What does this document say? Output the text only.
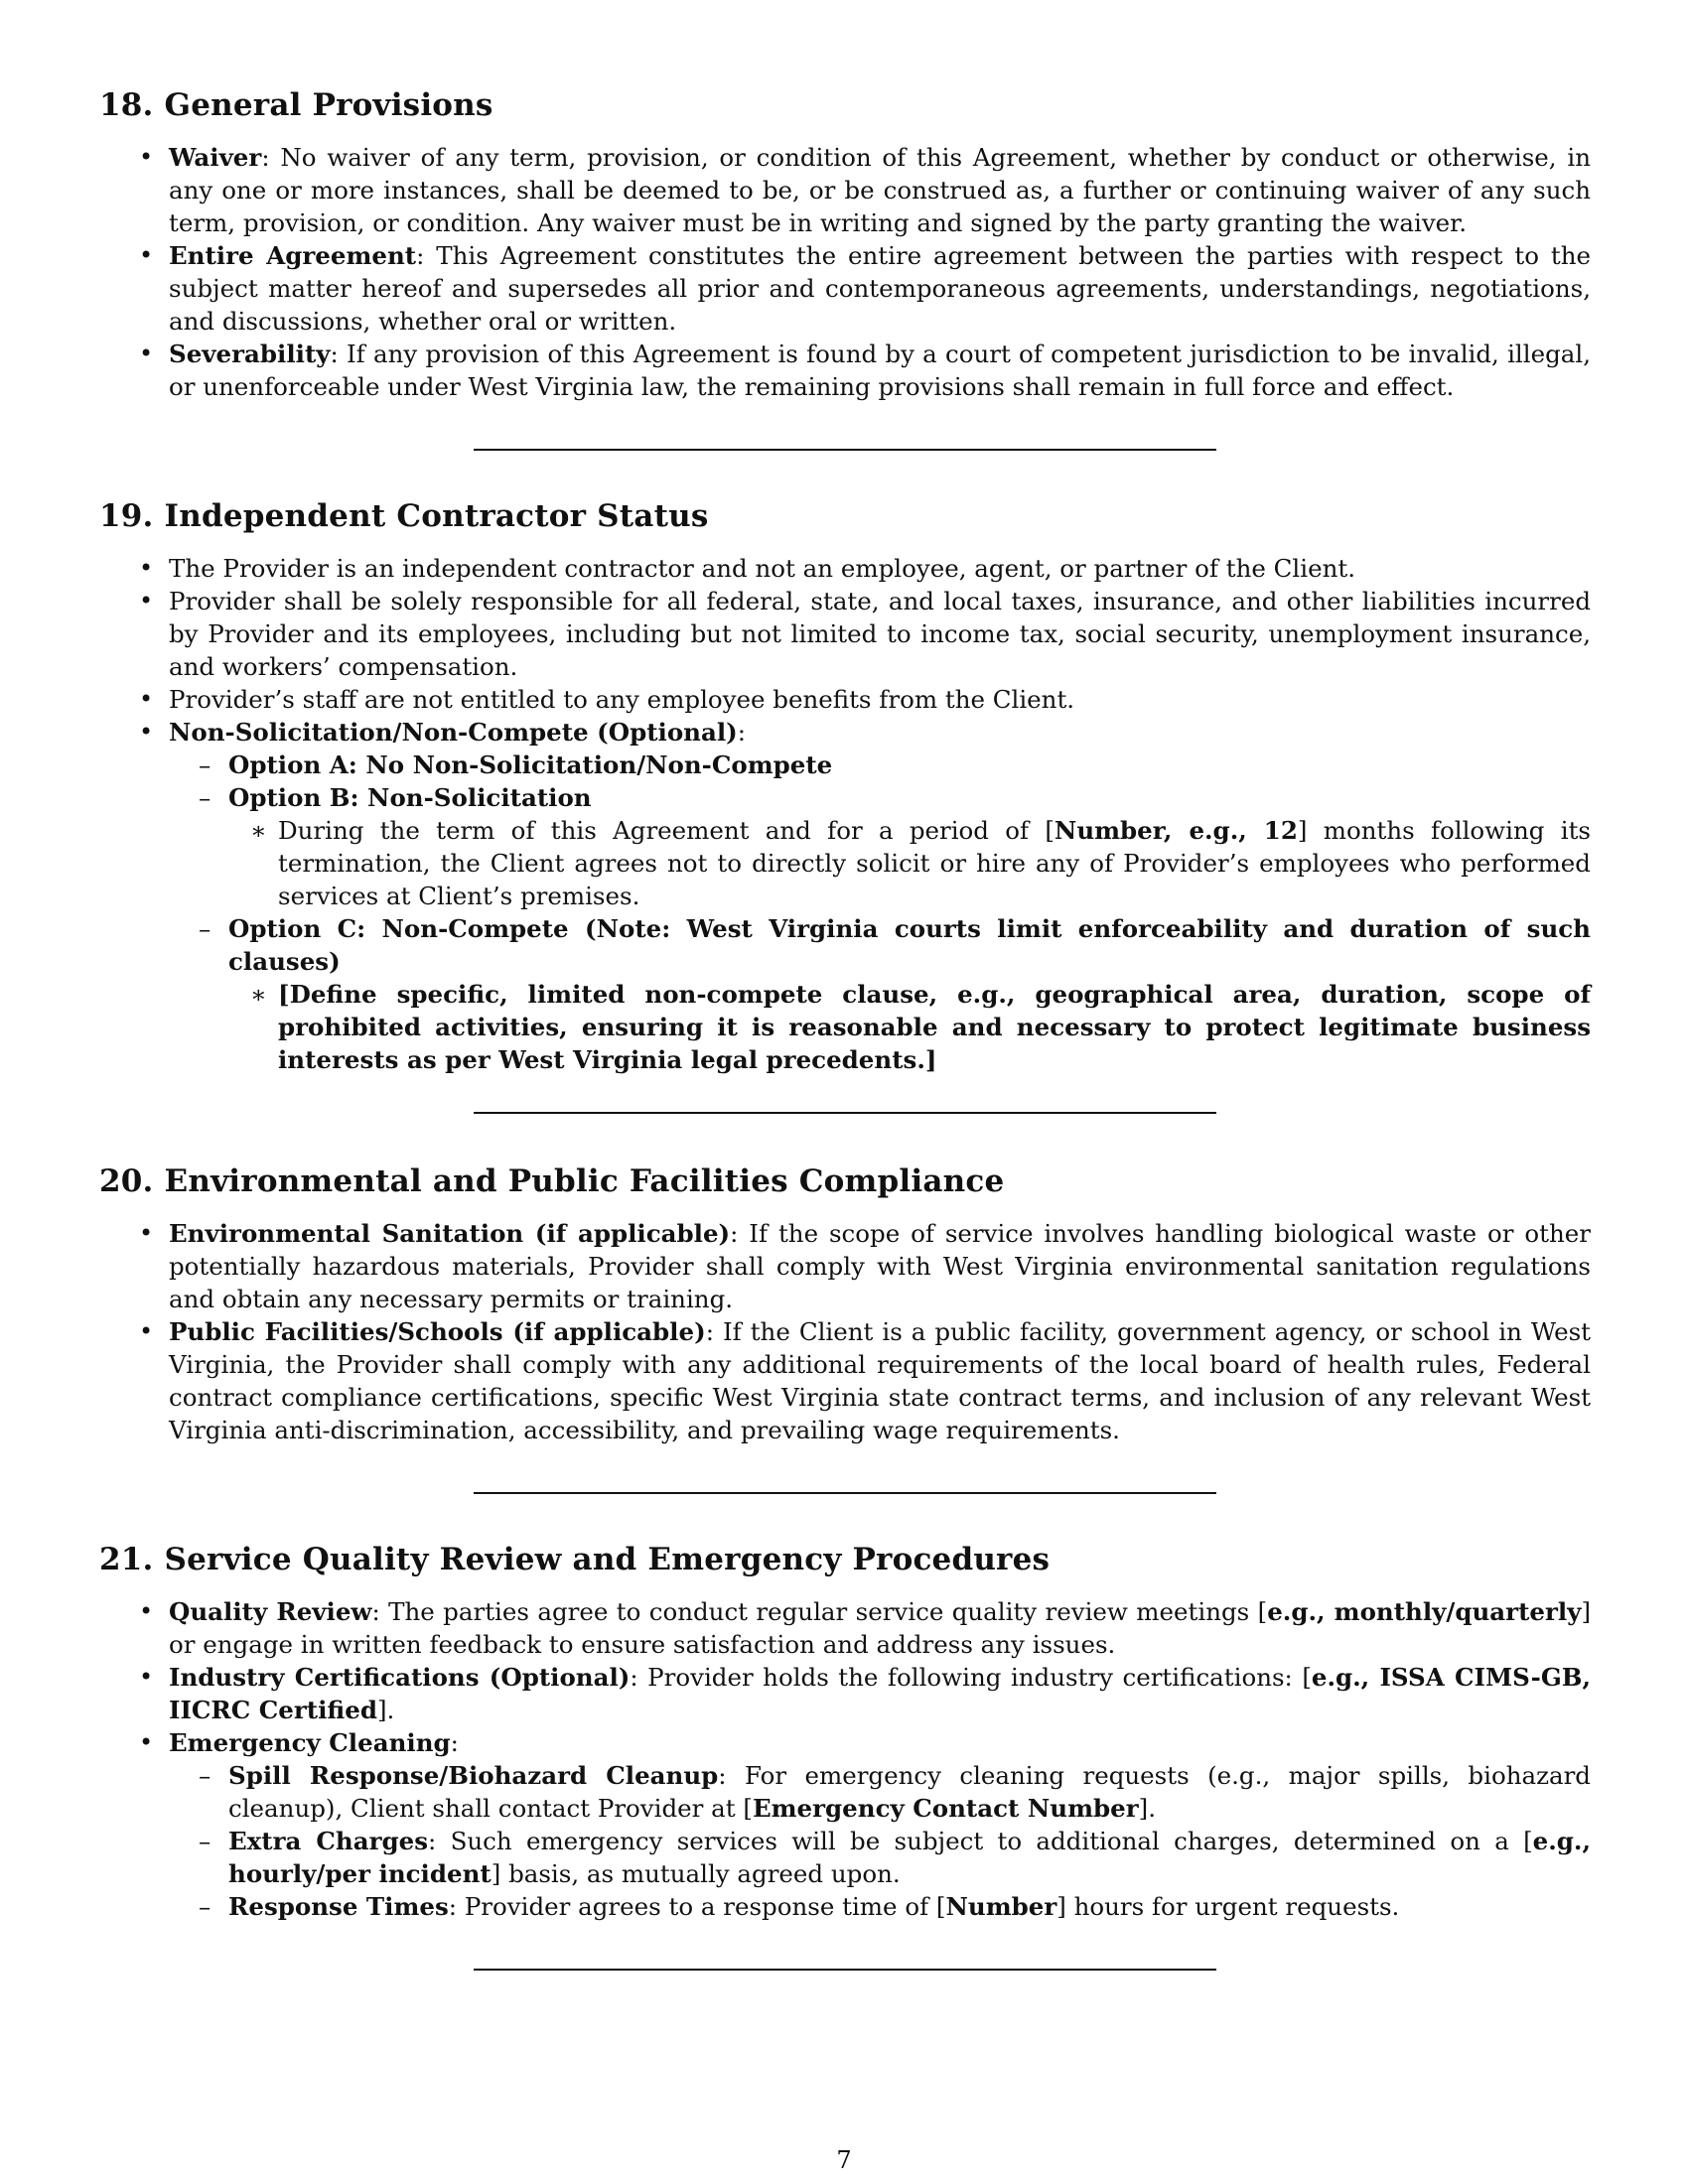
18. General Provisions
• Waiver: No waiver of any term, provision, or condition of this Agreement, whether by conduct or otherwise, in any one or more instances, shall be deemed to be, or be construed as, a further or continuing waiver of any such term, provision, or condition. Any waiver must be in writing and signed by the party granting the waiver.
• Entire Agreement: This Agreement constitutes the entire agreement between the parties with respect to the subject matter hereof and supersedes all prior and contemporaneous agreements, understandings, negotiations, and discussions, whether oral or written.
• Severability: If any provision of this Agreement is found by a court of competent jurisdiction to be invalid, illegal, or unenforceable under West Virginia law, the remaining provisions shall remain in full force and effect.
19. Independent Contractor Status
• The Provider is an independent contractor and not an employee, agent, or partner of the Client.
• Provider shall be solely responsible for all federal, state, and local taxes, insurance, and other liabilities incurred by Provider and its employees, including but not limited to income tax, social security, unemployment insurance, and workers’ compensation.
• Provider’s staff are not entitled to any employee benefits from the Client.
• Non-Solicitation/Non-Compete (Optional):
– Option A: No Non-Solicitation/Non-Compete
– Option B: Non-Solicitation
∗ During the term of this Agreement and for a period of [Number, e.g., 12] months following its termination, the Client agrees not to directly solicit or hire any of Provider’s employees who performed services at Client’s premises.
– Option C: Non-Compete (Note: West Virginia courts limit enforceability and duration of such clauses)
∗ [Define specific, limited non-compete clause, e.g., geographical area, duration, scope of prohibited activities, ensuring it is reasonable and necessary to protect legitimate business interests as per West Virginia legal precedents.]
20. Environmental and Public Facilities Compliance
• Environmental Sanitation (if applicable): If the scope of service involves handling biological waste or other potentially hazardous materials, Provider shall comply with West Virginia environmental sanitation regulations and obtain any necessary permits or training.
• Public Facilities/Schools (if applicable): If the Client is a public facility, government agency, or school in West Virginia, the Provider shall comply with any additional requirements of the local board of health rules, Federal contract compliance certifications, specific West Virginia state contract terms, and inclusion of any relevant West Virginia anti-discrimination, accessibility, and prevailing wage requirements.
21. Service Quality Review and Emergency Procedures
• Quality Review: The parties agree to conduct regular service quality review meetings [e.g., monthly/quarterly] or engage in written feedback to ensure satisfaction and address any issues.
• Industry Certifications (Optional): Provider holds the following industry certifications: [e.g., ISSA CIMS-GB, IICRC Certified].
• Emergency Cleaning:
– Spill Response/Biohazard Cleanup: For emergency cleaning requests (e.g., major spills, biohazard cleanup), Client shall contact Provider at [Emergency Contact Number].
– Extra Charges: Such emergency services will be subject to additional charges, determined on a [e.g., hourly/per incident] basis, as mutually agreed upon.
– Response Times: Provider agrees to a response time of [Number] hours for urgent requests.
7
